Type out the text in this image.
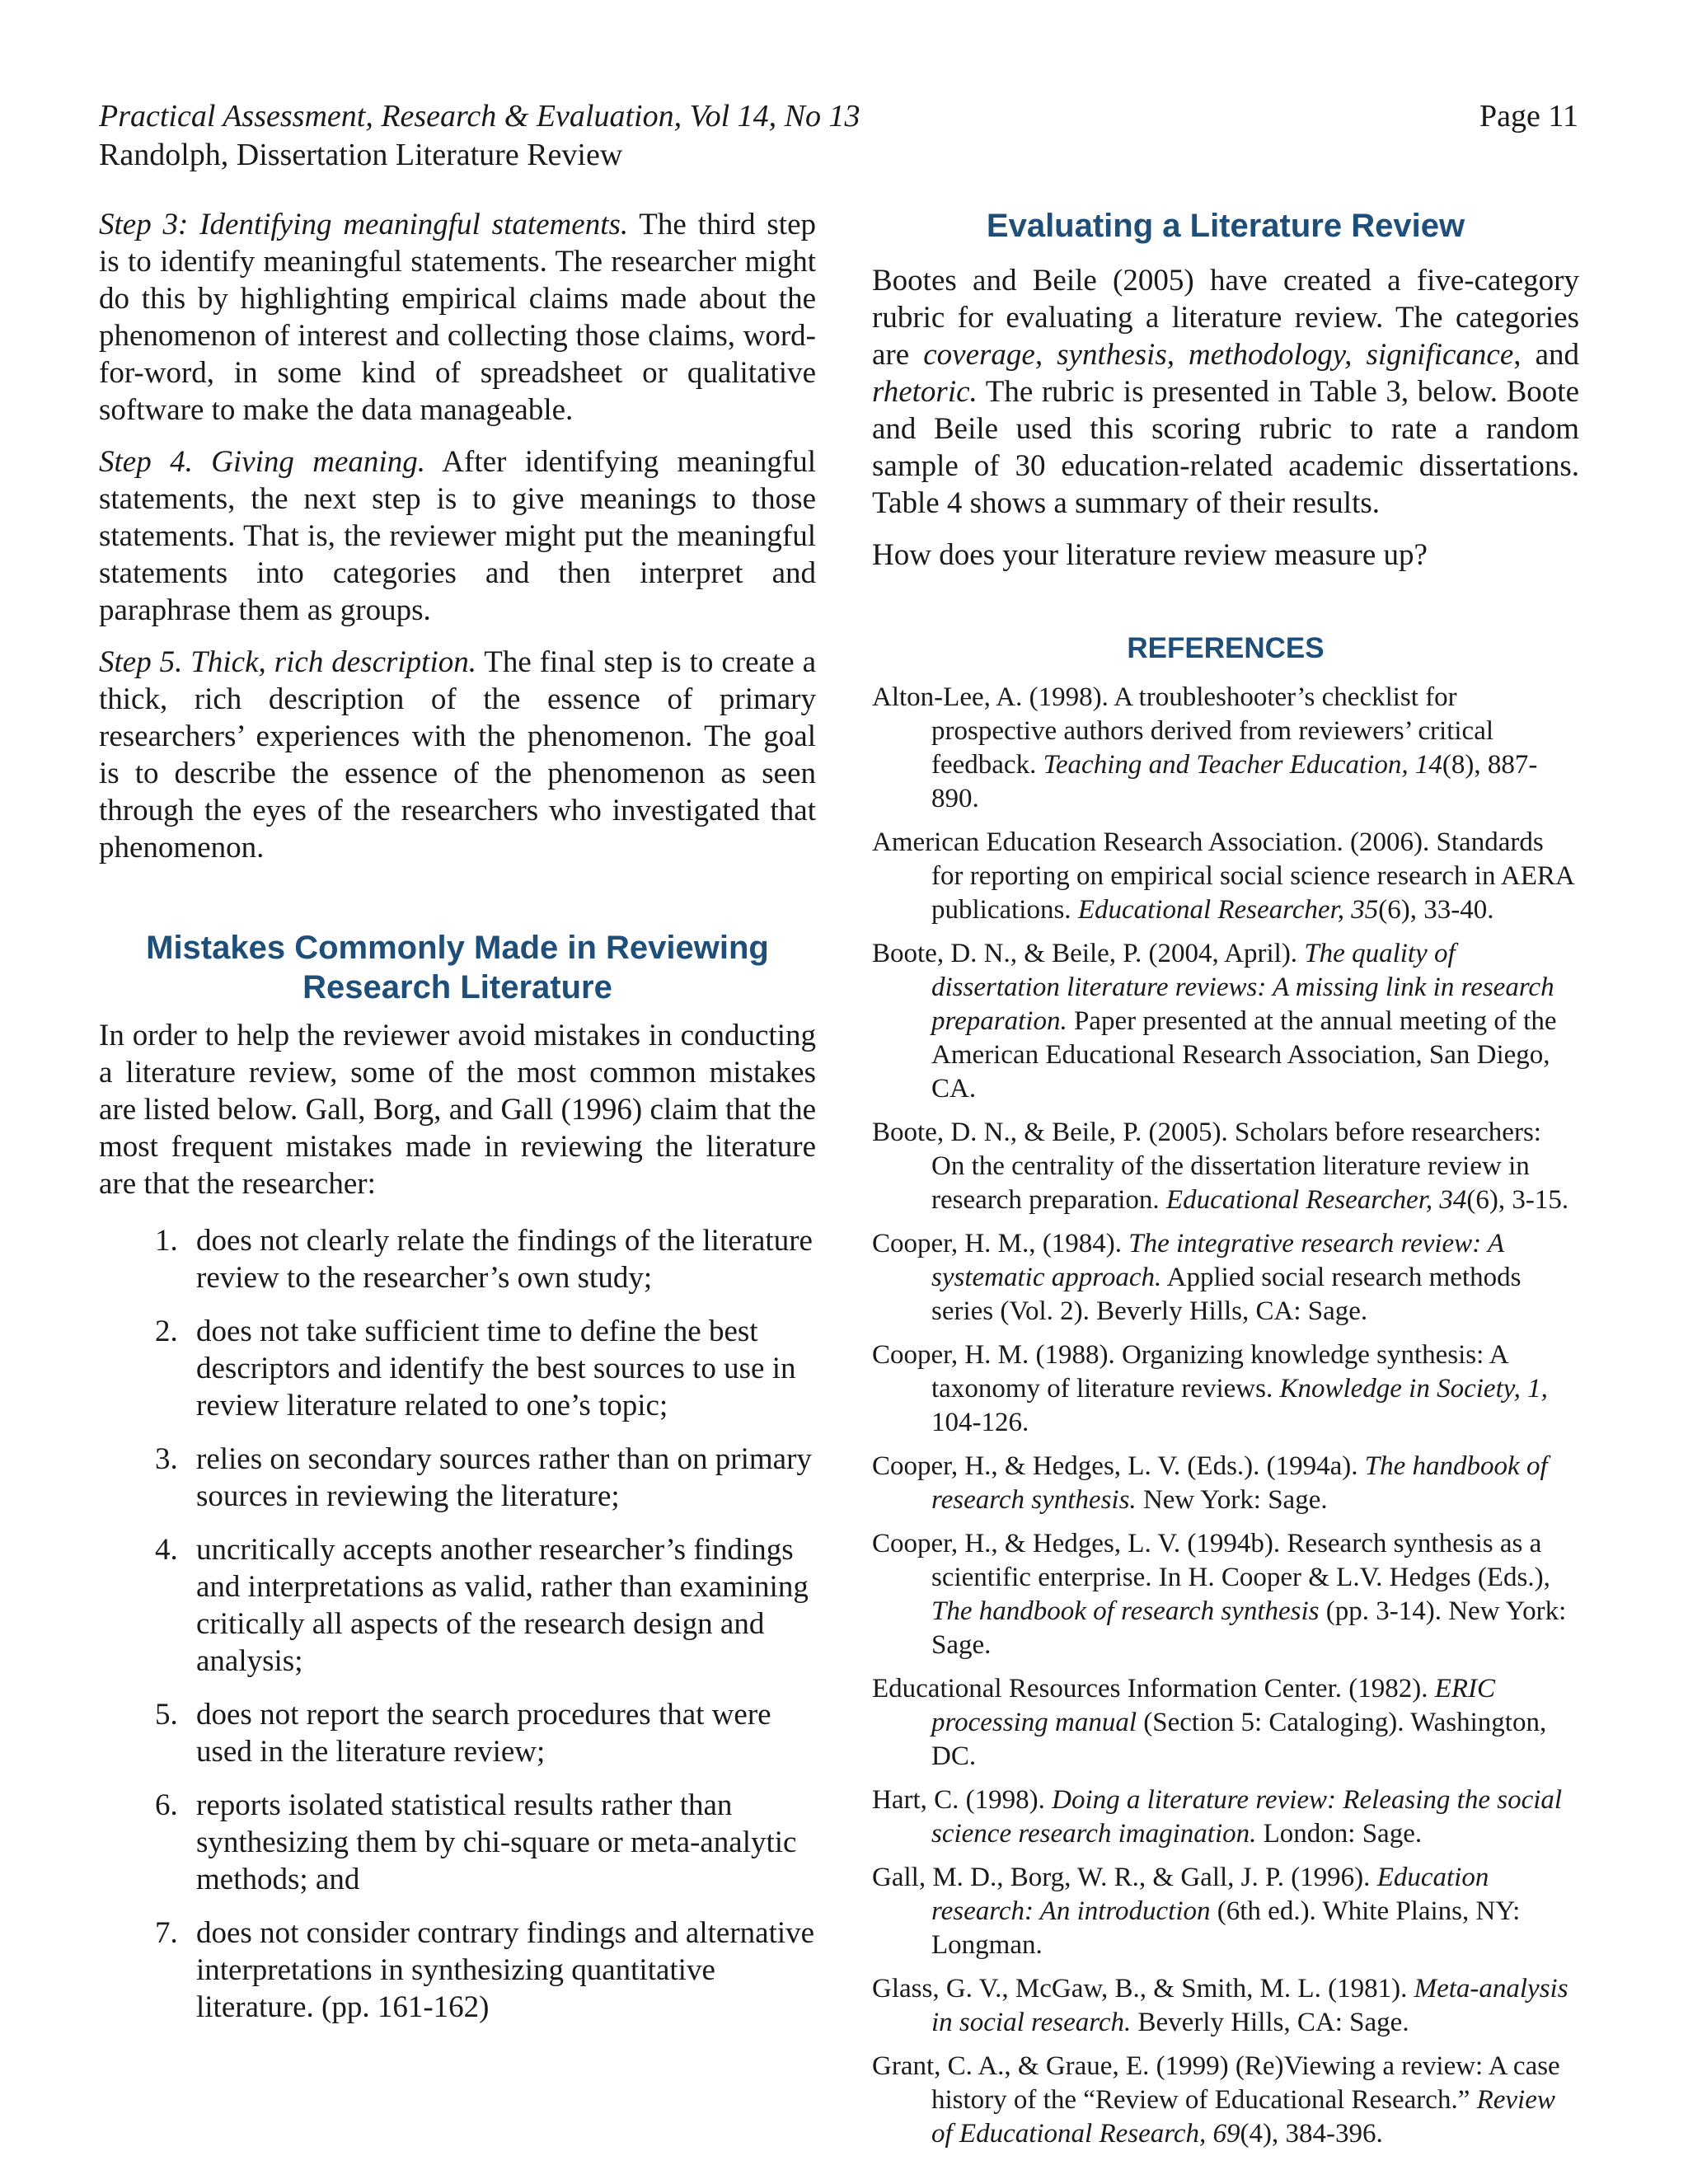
Practical Assessment, Research & Evaluation, Vol 14, No 13
Randolph, Dissertation Literature Review
Page 11

Step 3: Identifying meaningful statements. The third step is to identify meaningful statements. The researcher might do this by highlighting empirical claims made about the phenomenon of interest and collecting those claims, word-for-word, in some kind of spreadsheet or qualitative software to make the data manageable.

Step 4. Giving meaning. After identifying meaningful statements, the next step is to give meanings to those statements. That is, the reviewer might put the meaningful statements into categories and then interpret and paraphrase them as groups.

Step 5. Thick, rich description. The final step is to create a thick, rich description of the essence of primary researchers’ experiences with the phenomenon. The goal is to describe the essence of the phenomenon as seen through the eyes of the researchers who investigated that phenomenon.

Mistakes Commonly Made in Reviewing Research Literature

In order to help the reviewer avoid mistakes in conducting a literature review, some of the most common mistakes are listed below. Gall, Borg, and Gall (1996) claim that the most frequent mistakes made in reviewing the literature are that the researcher:

1. does not clearly relate the findings of the literature review to the researcher’s own study;
2. does not take sufficient time to define the best descriptors and identify the best sources to use in review literature related to one’s topic;
3. relies on secondary sources rather than on primary sources in reviewing the literature;
4. uncritically accepts another researcher’s findings and interpretations as valid, rather than examining critically all aspects of the research design and analysis;
5. does not report the search procedures that were used in the literature review;
6. reports isolated statistical results rather than synthesizing them by chi-square or meta-analytic methods; and
7. does not consider contrary findings and alternative interpretations in synthesizing quantitative literature. (pp. 161-162)
Evaluating a Literature Review

Bootes and Beile (2005) have created a five-category rubric for evaluating a literature review. The categories are coverage, synthesis, methodology, significance, and rhetoric. The rubric is presented in Table 3, below. Boote and Beile used this scoring rubric to rate a random sample of 30 education-related academic dissertations. Table 4 shows a summary of their results.

How does your literature review measure up?

REFERENCES

Alton-Lee, A. (1998). A troubleshooter’s checklist for prospective authors derived from reviewers’ critical feedback. Teaching and Teacher Education, 14(8), 887-890.

American Education Research Association. (2006). Standards for reporting on empirical social science research in AERA publications. Educational Researcher, 35(6), 33-40.

Boote, D. N., & Beile, P. (2004, April). The quality of dissertation literature reviews: A missing link in research preparation. Paper presented at the annual meeting of the American Educational Research Association, San Diego, CA.

Boote, D. N., & Beile, P. (2005). Scholars before researchers: On the centrality of the dissertation literature review in research preparation. Educational Researcher, 34(6), 3-15.

Cooper, H. M., (1984). The integrative research review: A systematic approach. Applied social research methods series (Vol. 2). Beverly Hills, CA: Sage.

Cooper, H. M. (1988). Organizing knowledge synthesis: A taxonomy of literature reviews. Knowledge in Society, 1, 104-126.

Cooper, H., & Hedges, L. V. (Eds.). (1994a). The handbook of research synthesis. New York: Sage.

Cooper, H., & Hedges, L. V. (1994b). Research synthesis as a scientific enterprise. In H. Cooper & L.V. Hedges (Eds.), The handbook of research synthesis (pp. 3-14). New York: Sage.

Educational Resources Information Center. (1982). ERIC processing manual (Section 5: Cataloging). Washington, DC.

Hart, C. (1998). Doing a literature review: Releasing the social science research imagination. London: Sage.

Gall, M. D., Borg, W. R., & Gall, J. P. (1996). Education research: An introduction (6th ed.). White Plains, NY: Longman.

Glass, G. V., McGaw, B., & Smith, M. L. (1981). Meta-analysis in social research. Beverly Hills, CA: Sage.

Grant, C. A., & Graue, E. (1999) (Re)Viewing a review: A case history of the “Review of Educational Research.” Review of Educational Research, 69(4), 384-396.
